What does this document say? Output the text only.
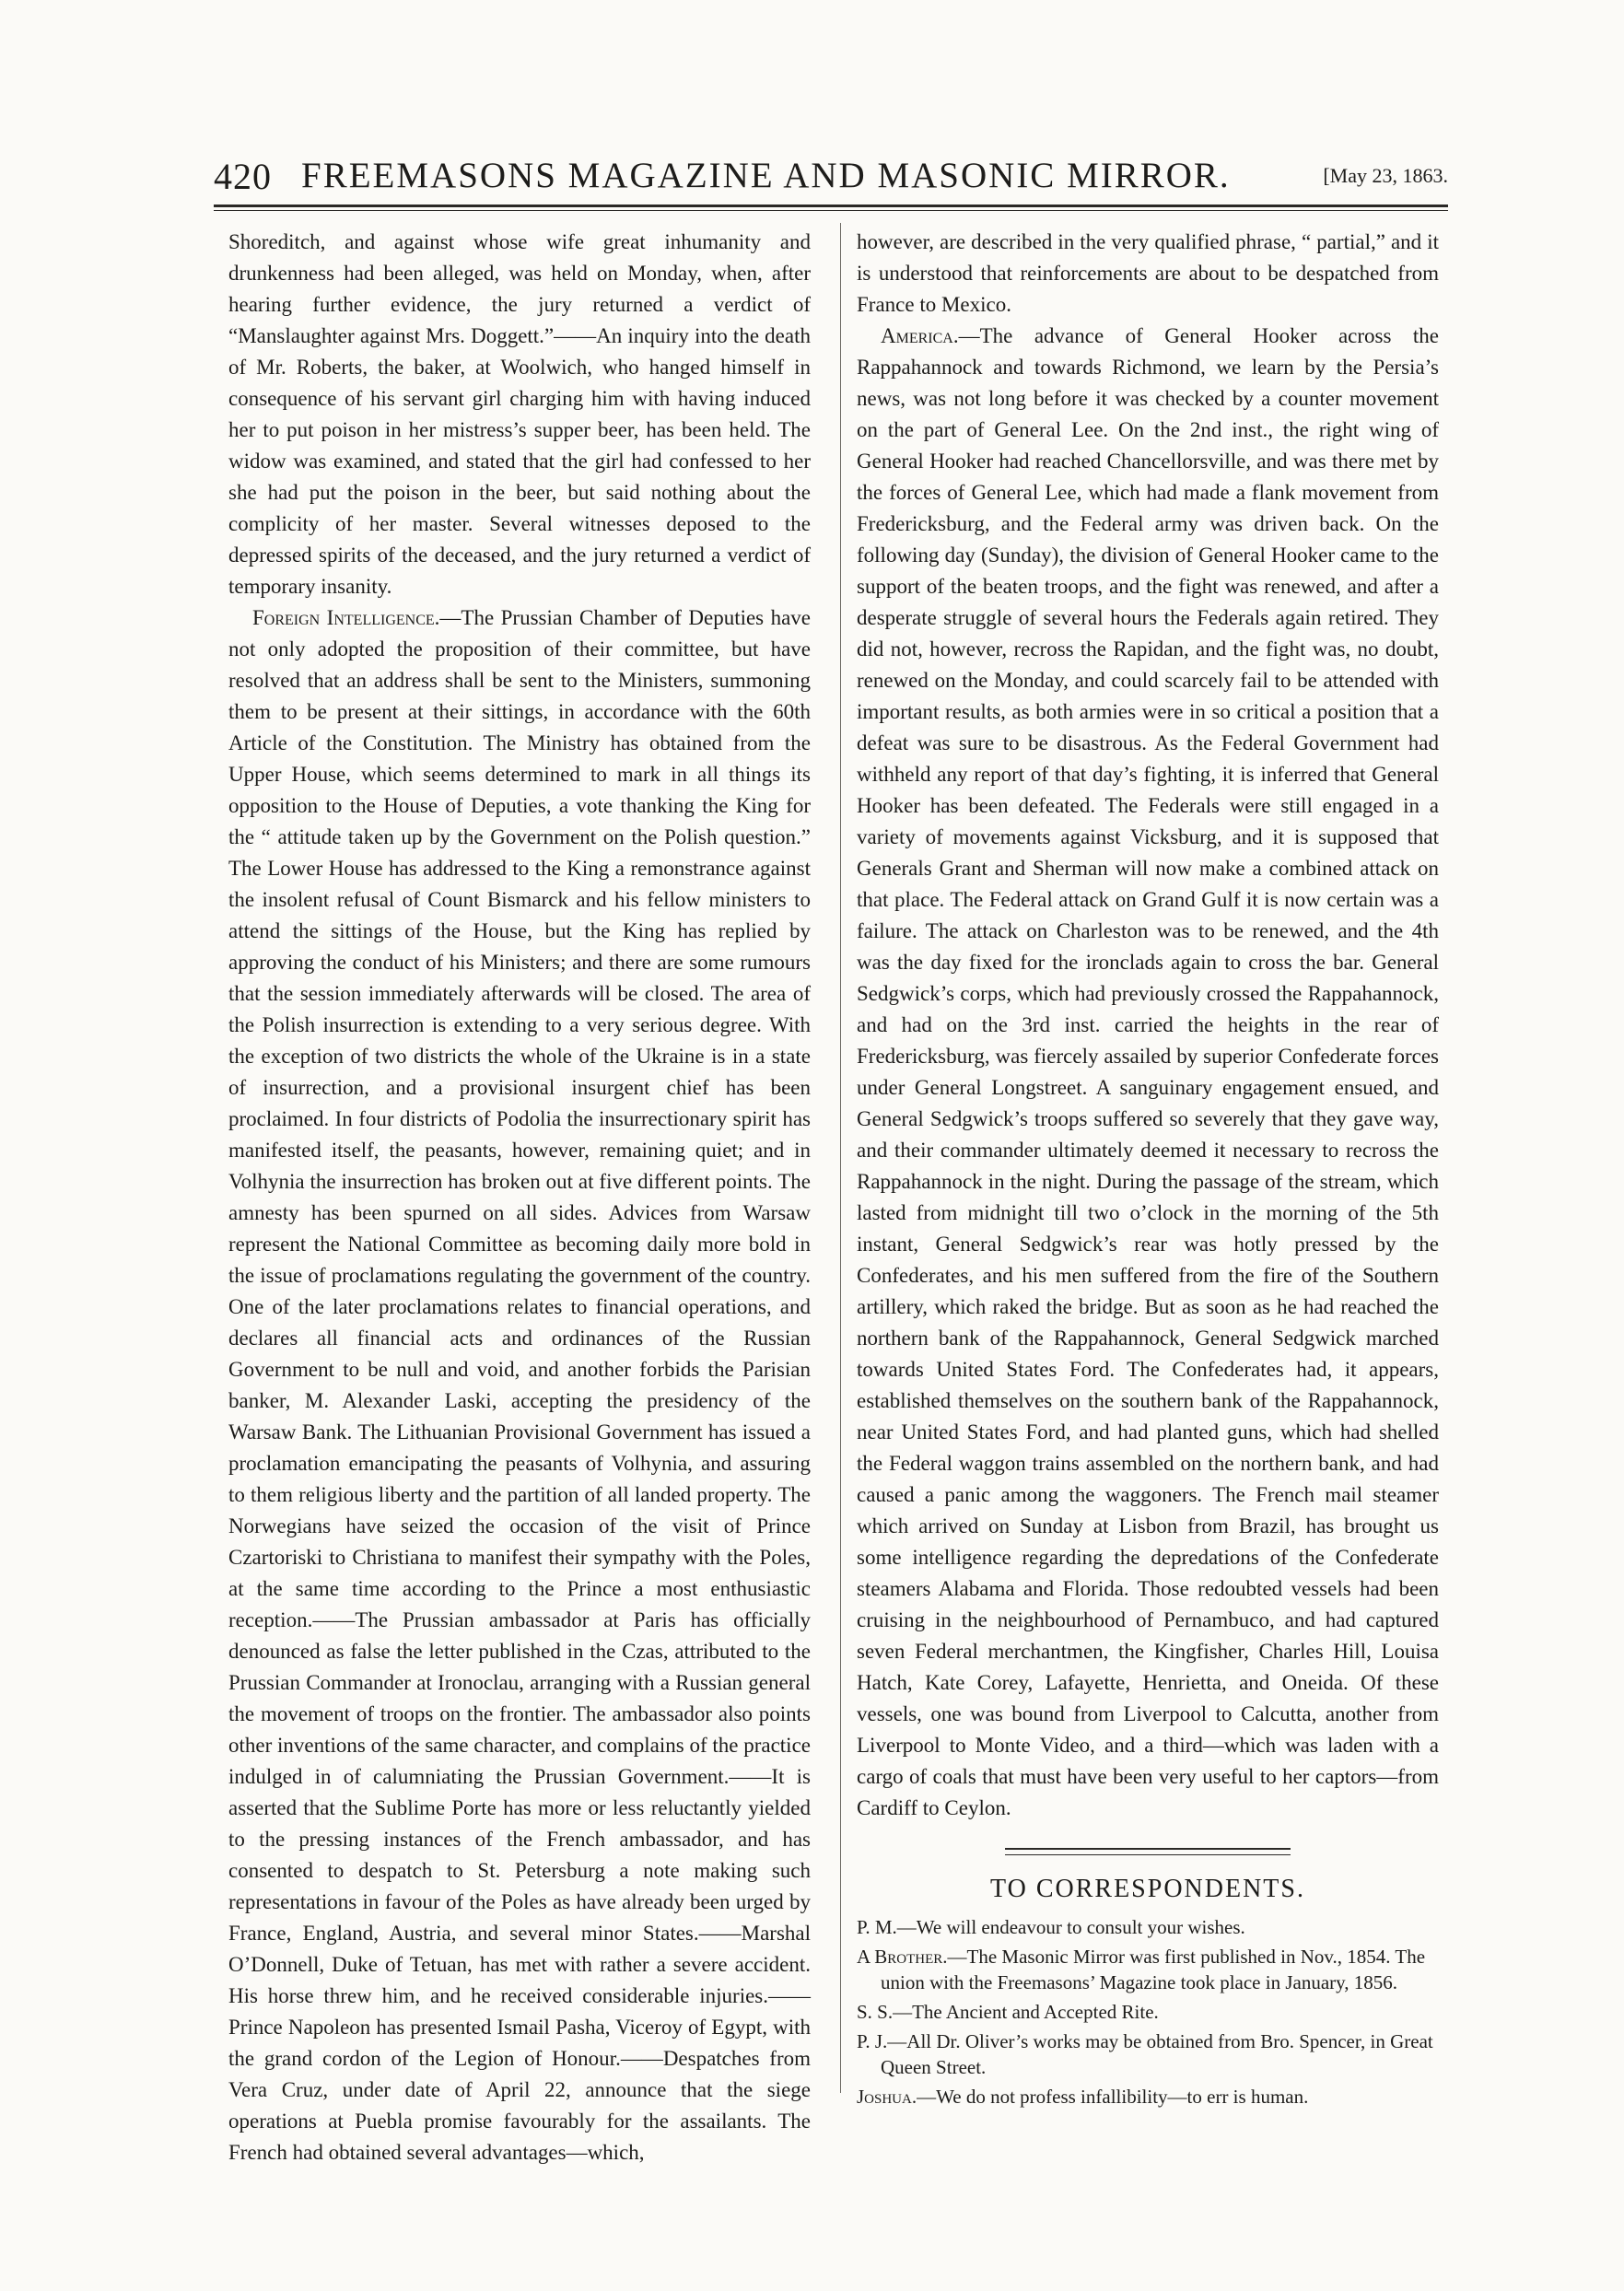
420 FREEMASONS MAGAZINE AND MASONIC MIRROR.	[May 23, 1863.

Shoreditch, and against whose wife great inhumanity and drunkenness had been alleged, was held on Monday, when, after hearing further evidence, the jury returned a verdict of “Manslaughter against Mrs. Doggett.”——An inquiry into the death of Mr. Roberts, the baker, at Woolwich, who hanged himself in consequence of his servant girl charging him with having induced her to put poison in her mistress’s supper beer, has been held. The widow was examined, and stated that the girl had confessed to her she had put the poison in the beer, but said nothing about the complicity of her master. Several witnesses deposed to the depressed spirits of the deceased, and the jury returned a verdict of temporary insanity.

Foreign Intelligence.—The Prussian Chamber of Deputies have not only adopted the proposition of their committee, but have resolved that an address shall be sent to the Ministers, summoning them to be present at their sittings, in accordance with the 60th Article of the Constitution. The Ministry has obtained from the Upper House, which seems determined to mark in all things its opposition to the House of Deputies, a vote thanking the King for the “ attitude taken up by the Government on the Polish question.” The Lower House has addressed to the King a remonstrance against the insolent refusal of Count Bismarck and his fellow ministers to attend the sittings of the House, but the King has replied by approving the conduct of his Ministers; and there are some rumours that the session immediately afterwards will be closed. The area of the Polish insurrection is extending to a very serious degree. With the exception of two districts the whole of the Ukraine is in a state of insurrection, and a provisional insurgent chief has been proclaimed. In four districts of Podolia the insurrectionary spirit has manifested itself, the peasants, however, remaining quiet; and in Volhynia the insurrection has broken out at five different points. The amnesty has been spurned on all sides. Advices from Warsaw represent the National Committee as becoming daily more bold in the issue of proclamations regulating the government of the country. One of the later proclamations relates to financial operations, and declares all financial acts and ordinances of the Russian Government to be null and void, and another forbids the Parisian banker, M. Alexander Laski, accepting the presidency of the Warsaw Bank. The Lithuanian Provisional Government has issued a proclamation emancipating the peasants of Volhynia, and assuring to them religious liberty and the partition of all landed property. The Norwegians have seized the occasion of the visit of Prince Czartoriski to Christiana to manifest their sympathy with the Poles, at the same time according to the Prince a most enthusiastic reception.——The Prussian ambassador at Paris has officially denounced as false the letter published in the Czas, attributed to the Prussian Commander at Ironoclau, arranging with a Russian general the movement of troops on the frontier. The ambassador also points other inventions of the same character, and complains of the practice indulged in of calumniating the Prussian Government.——It is asserted that the Sublime Porte has more or less reluctantly yielded to the pressing instances of the French ambassador, and has consented to despatch to St. Petersburg a note making such representations in favour of the Poles as have already been urged by France, England, Austria, and several minor States.——Marshal O’Donnell, Duke of Tetuan, has met with rather a severe accident. His horse threw him, and he received considerable injuries.——Prince Napoleon has presented Ismail Pasha, Viceroy of Egypt, with the grand cordon of the Legion of Honour.——Despatches from Vera Cruz, under date of April 22, announce that the siege operations at Puebla promise favourably for the assailants. The French had obtained several advantages—which,

however, are described in the very qualified phrase, “ partial,” and it is understood that reinforcements are about to be despatched from France to Mexico.

America.—The advance of General Hooker across the Rappahannock and towards Richmond, we learn by the Persia’s news, was not long before it was checked by a counter movement on the part of General Lee. On the 2nd inst., the right wing of General Hooker had reached Chancellorsville, and was there met by the forces of General Lee, which had made a flank movement from Fredericksburg, and the Federal army was driven back. On the following day (Sunday), the division of General Hooker came to the support of the beaten troops, and the fight was renewed, and after a desperate struggle of several hours the Federals again retired. They did not, however, recross the Rapidan, and the fight was, no doubt, renewed on the Monday, and could scarcely fail to be attended with important results, as both armies were in so critical a position that a defeat was sure to be disastrous. As the Federal Government had withheld any report of that day’s fighting, it is inferred that General Hooker has been defeated. The Federals were still engaged in a variety of movements against Vicksburg, and it is supposed that Generals Grant and Sherman will now make a combined attack on that place. The Federal attack on Grand Gulf it is now certain was a failure. The attack on Charleston was to be renewed, and the 4th was the day fixed for the ironclads again to cross the bar. General Sedgwick’s corps, which had previously crossed the Rappahannock, and had on the 3rd inst. carried the heights in the rear of Fredericksburg, was fiercely assailed by superior Confederate forces under General Longstreet. A sanguinary engagement ensued, and General Sedgwick’s troops suffered so severely that they gave way, and their commander ultimately deemed it necessary to recross the Rappahannock in the night. During the passage of the stream, which lasted from midnight till two o’clock in the morning of the 5th instant, General Sedgwick’s rear was hotly pressed by the Confederates, and his men suffered from the fire of the Southern artillery, which raked the bridge. But as soon as he had reached the northern bank of the Rappahannock, General Sedgwick marched towards United States Ford. The Confederates had, it appears, established themselves on the southern bank of the Rappahannock, near United States Ford, and had planted guns, which had shelled the Federal waggon trains assembled on the northern bank, and had caused a panic among the waggoners. The French mail steamer which arrived on Sunday at Lisbon from Brazil, has brought us some intelligence regarding the depredations of the Confederate steamers Alabama and Florida. Those redoubted vessels had been cruising in the neighbourhood of Pernambuco, and had captured seven Federal merchantmen, the Kingfisher, Charles Hill, Louisa Hatch, Kate Corey, Lafayette, Henrietta, and Oneida. Of these vessels, one was bound from Liverpool to Calcutta, another from Liverpool to Monte Video, and a third—which was laden with a cargo of coals that must have been very useful to her captors—from Cardiff to Ceylon.

TO CORRESPONDENTS.

P. M.—We will endeavour to consult your wishes.

A Brother.—The Masonic Mirror was first published in Nov., 1854. The union with the Freemasons’ Magazine took place in January, 1856.

S. S.—The Ancient and Accepted Rite.

P. J.—All Dr. Oliver’s works may be obtained from Bro. Spencer, in Great Queen Street.

Joshua.—We do not profess infallibility—to err is human.
